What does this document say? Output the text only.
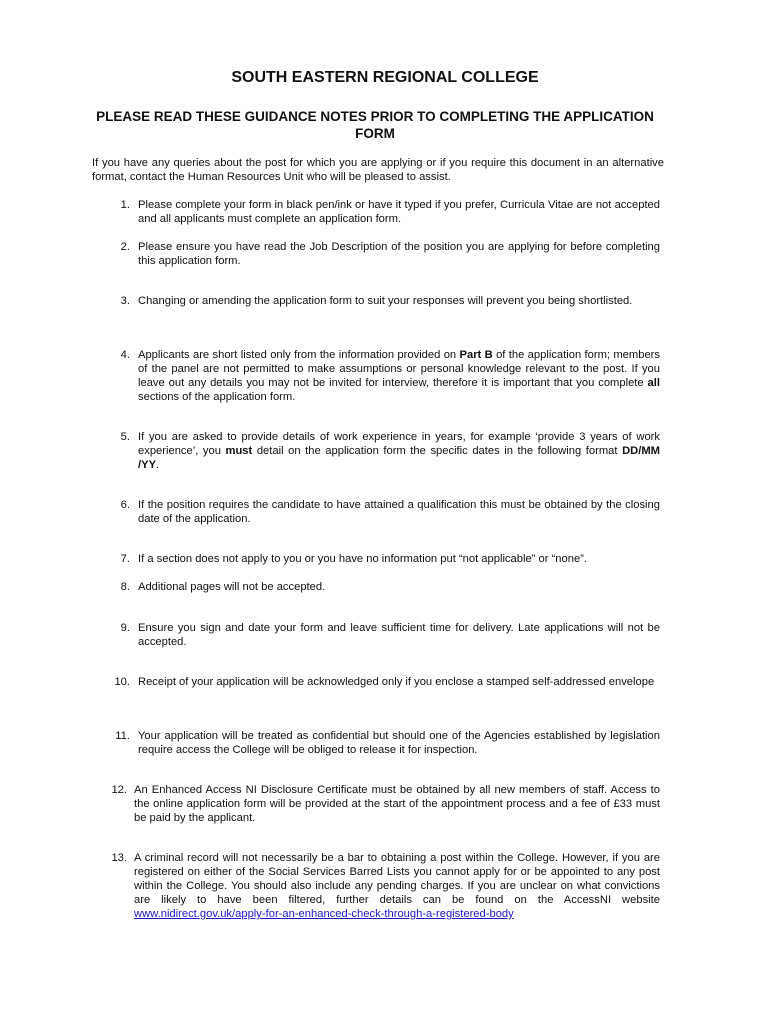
SOUTH EASTERN REGIONAL COLLEGE
PLEASE READ THESE GUIDANCE NOTES PRIOR TO COMPLETING THE APPLICATION FORM
If you have any queries about the post for which you are applying or if you require this document in an alternative format, contact the Human Resources Unit who will be pleased to assist.
1. Please complete your form in black pen/ink or have it typed if you prefer, Curricula Vitae are not accepted and all applicants must complete an application form.
2. Please ensure you have read the Job Description of the position you are applying for before completing this application form.
3. Changing or amending the application form to suit your responses will prevent you being shortlisted.
4. Applicants are short listed only from the information provided on Part B of the application form; members of the panel are not permitted to make assumptions or personal knowledge relevant to the post. If you leave out any details you may not be invited for interview, therefore it is important that you complete all sections of the application form.
5. If you are asked to provide details of work experience in years, for example ‘provide 3 years of work experience’, you must detail on the application form the specific dates in the following format DD/MM /YY.
6. If the position requires the candidate to have attained a qualification this must be obtained by the closing date of the application.
7. If a section does not apply to you or you have no information put “not applicable” or “none”.
8. Additional pages will not be accepted.
9. Ensure you sign and date your form and leave sufficient time for delivery. Late applications will not be accepted.
10. Receipt of your application will be acknowledged only if you enclose a stamped self-addressed envelope
11. Your application will be treated as confidential but should one of the Agencies established by legislation require access the College will be obliged to release it for inspection.
12. An Enhanced Access NI Disclosure Certificate must be obtained by all new members of staff. Access to the online application form will be provided at the start of the appointment process and a fee of £33 must be paid by the applicant.
13. A criminal record will not necessarily be a bar to obtaining a post within the College. However, if you are registered on either of the Social Services Barred Lists you cannot apply for or be appointed to any post within the College. You should also include any pending charges. If you are unclear on what convictions are likely to have been filtered, further details can be found on the AccessNI website www.nidirect.gov.uk/apply-for-an-enhanced-check-through-a-registered-body
